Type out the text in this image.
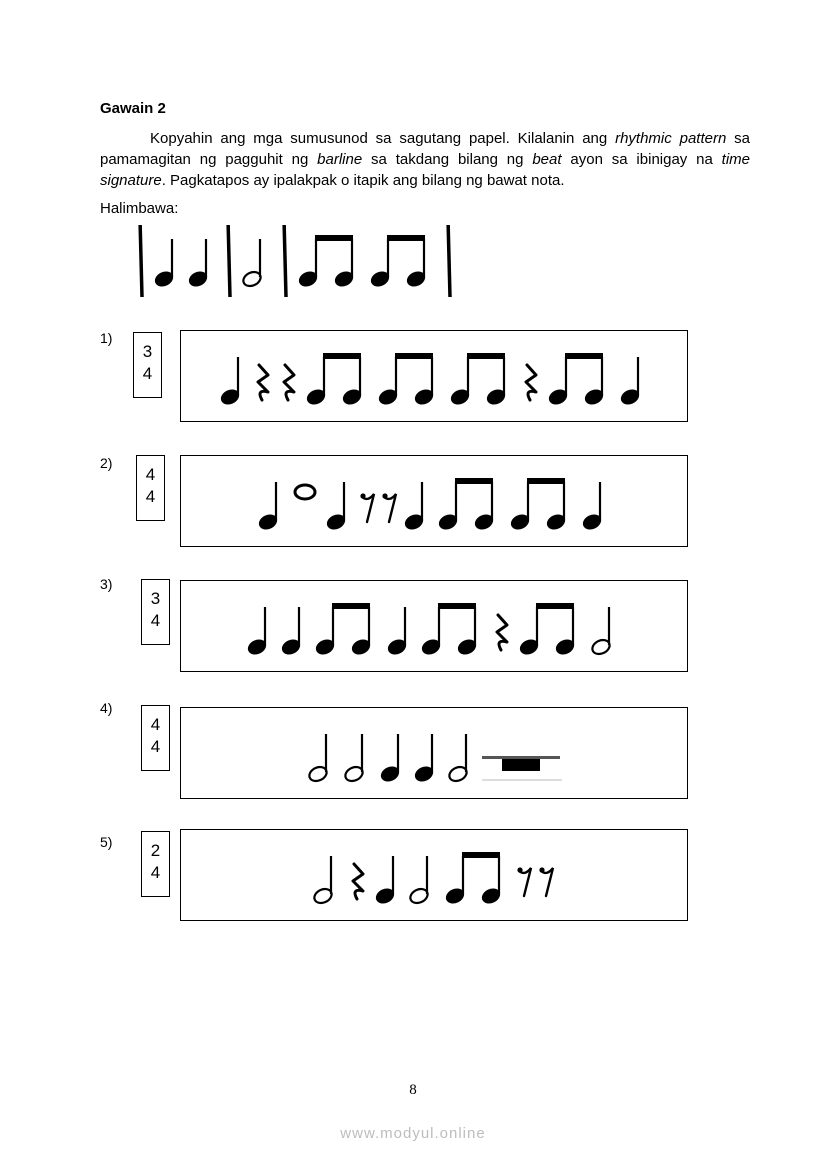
Gawain 2

Kopyahin ang mga sumusunod sa sagutang papel. Kilalanin ang rhythmic pattern sa pamamagitan ng pagguhit ng barline sa takdang bilang ng beat ayon sa ibinigay na time signature. Pagkatapos ay ipalakpak o itapik ang bilang ng bawat nota.

Halimbawa:
1)
3
4
2)
4
4
3)
3
4
4)
4
4
5)	2
4
8
www.modyul.online
